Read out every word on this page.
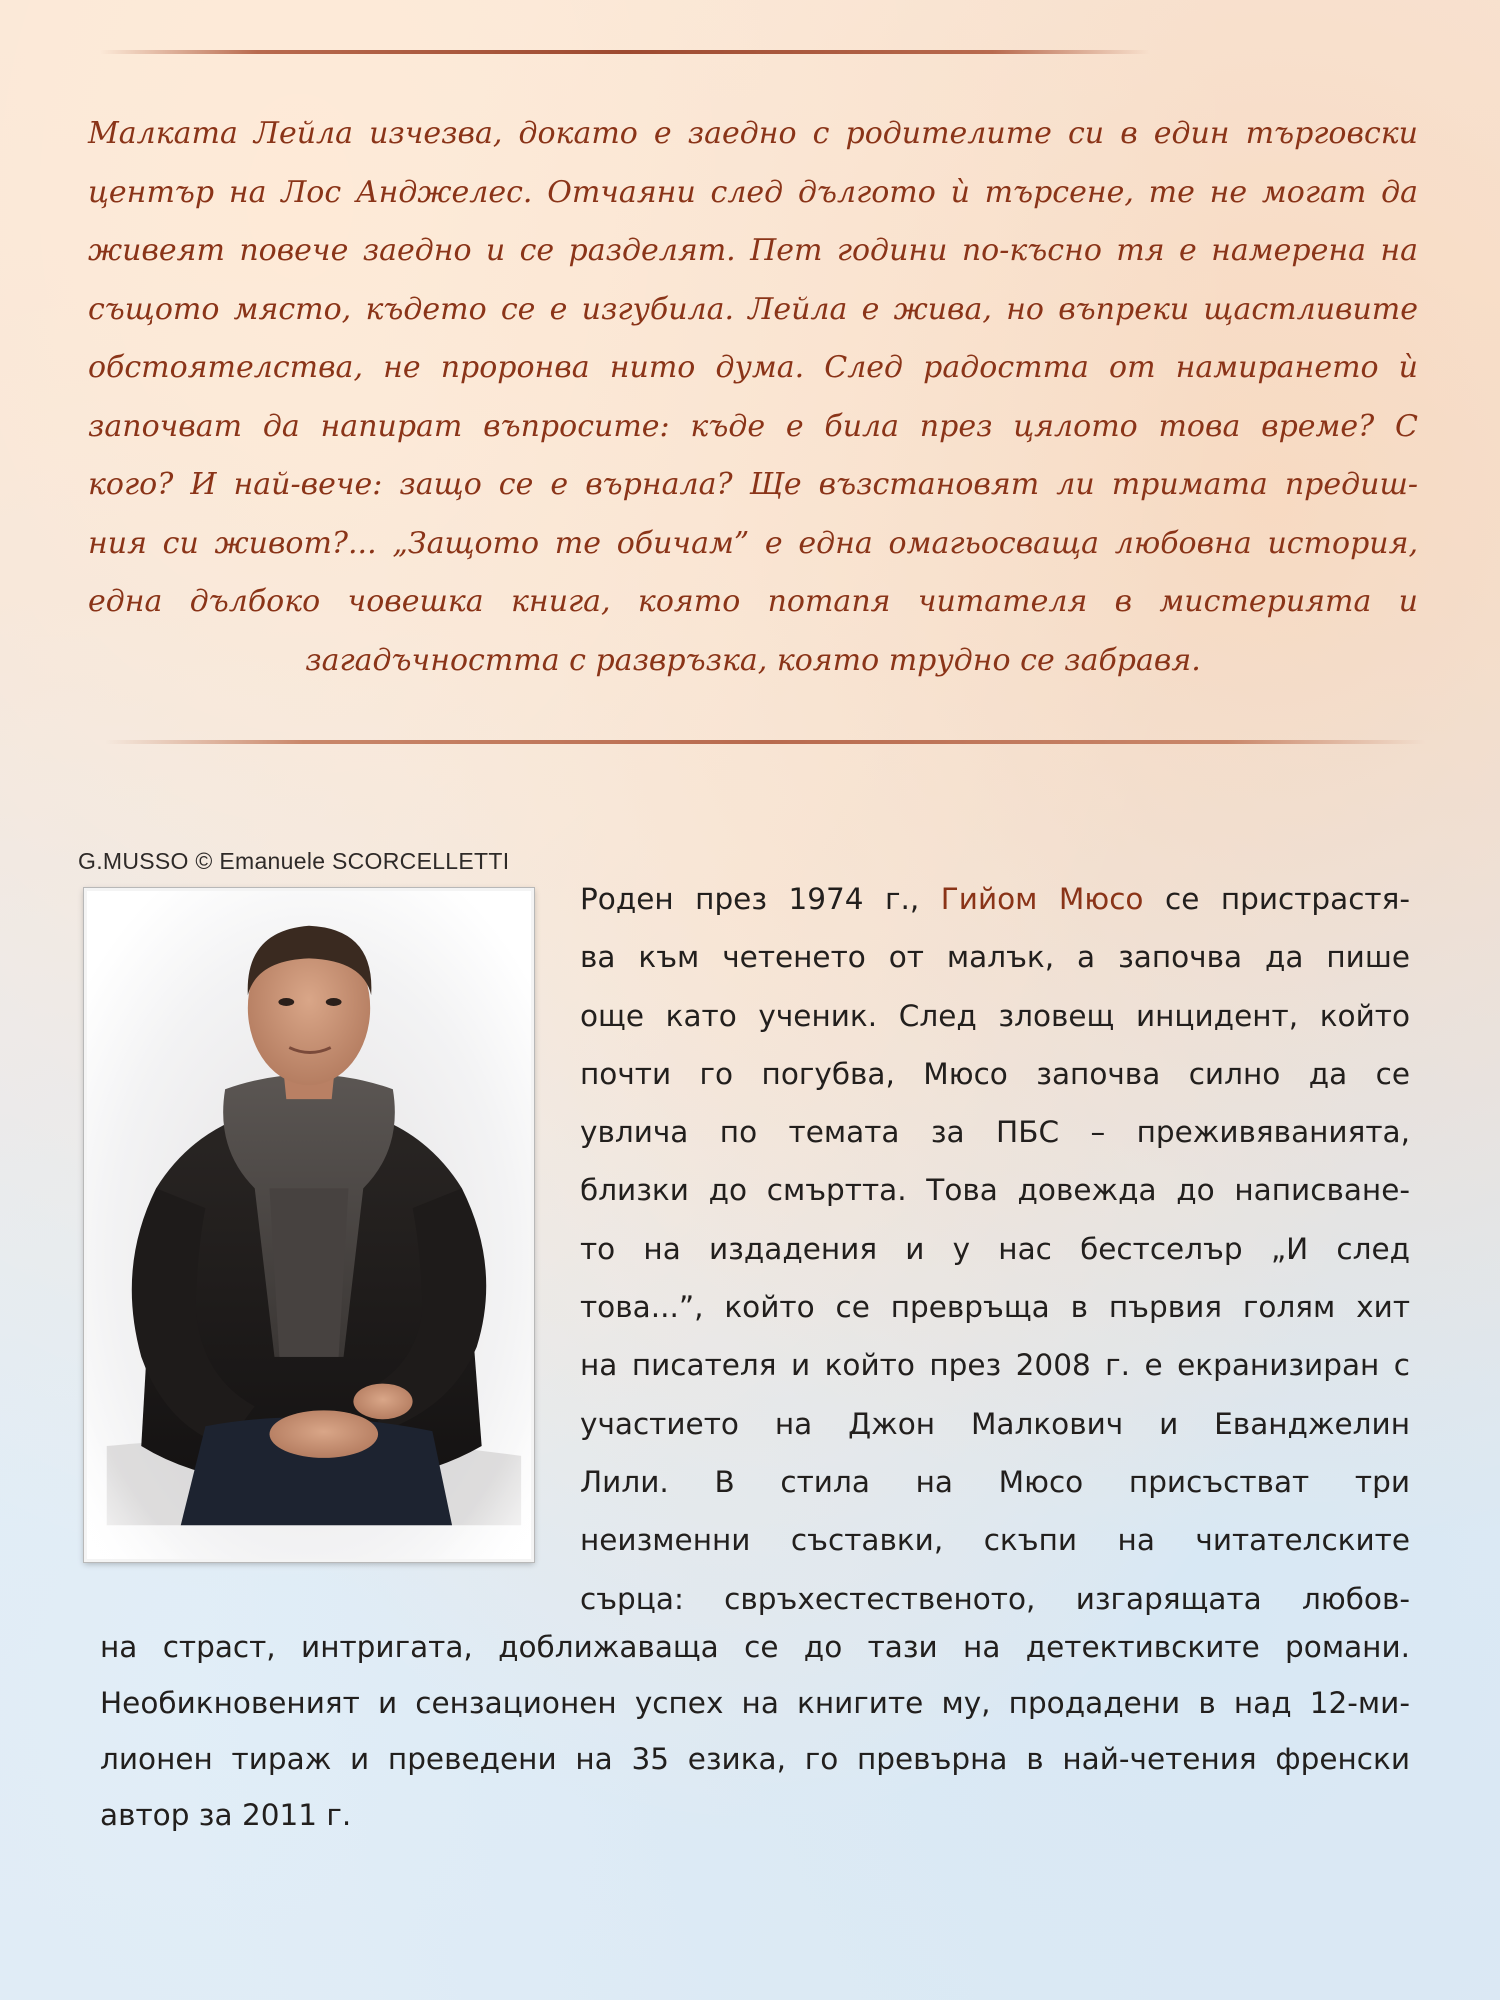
Малката Лейла изчезва, докато е заедно с родителите си в един търговски
център на Лос Анджелес. Отчаяни след дългото ѝ търсене, те не могат да
живеят повече заедно и се разделят. Пет години по-късно тя е намерена на
същото място, където се е изгубила. Лейла е жива, но въпреки щастливите
обстоятелства, не проронва нито дума. След радостта от намирането ѝ
започват да напират въпросите: къде е била през цялото това време? С
кого? И най-вече: защо се е върнала? Ще възстановят ли тримата предиш-
ния си живот?... „Защото те обичам” е една омагьосваща любовна история,
една дълбоко човешка книга, която потапя читателя в мистерията и
загадъчността с развръзка, която трудно се забравя.
G.MUSSO © Emanuele SCORCELLETTI
Роден през 1974 г., Гийом Мюсо се пристрастя-
ва към четенето от малък, а започва да пише
още като ученик. След зловещ инцидент, който
почти го погубва, Мюсо започва силно да се
увлича по темата за ПБС – преживяванията,
близки до смъртта. Това довежда до написване-
то на издадения и у нас бестселър „И след
това...”, който се превръща в първия голям хит
на писателя и който през 2008 г. е екранизиран с
участието на Джон Малкович и Еванджелин
Лили. В стила на Мюсо присъстват три
неизменни съставки, скъпи на читателските
сърца: свръхестественото, изгарящата любов-
на страст, интригата, доближаваща се до тази на детективските романи.
Необикновеният и сензационен успех на книгите му, продадени в над 12-ми-
лионен тираж и преведени на 35 езика, го превърна в най-четения френски
автор за 2011 г.
